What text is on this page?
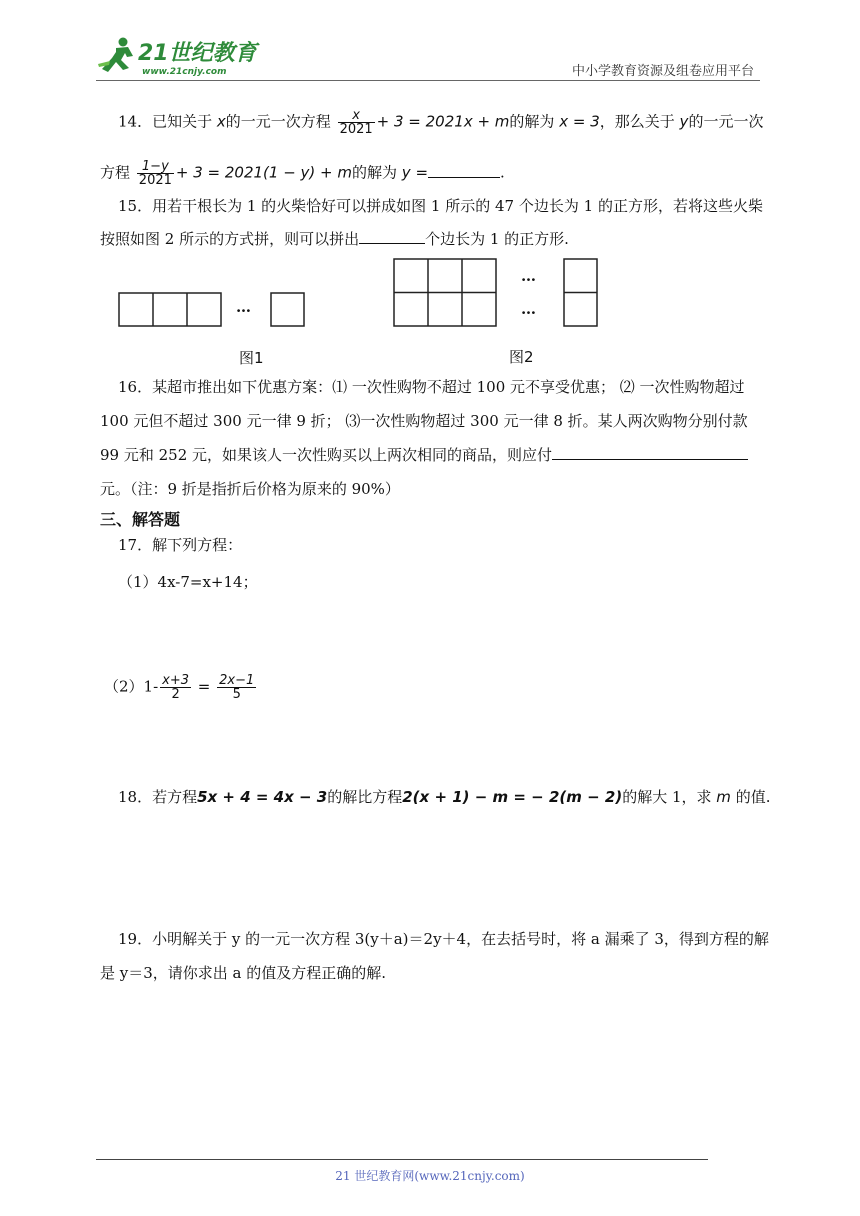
21世纪教育
www.21cnjy.com	中小学教育资源及组卷应用平台
14．已知关于 x的一元一次方程 $\frac{x}{2021} + 3 = 2021x + m$的解为 x = 3，那么关于 y的一元一次
方程 $\frac{1-y}{2021} + 3 = 2021(1 - y) + m$的解为 y =	.
15．用若干根长为 1 的火柴恰好可以拼成如图 1 所示的 47 个边长为 1 的正方形，若将这些火柴
按照如图 2 所示的方式拼，则可以拼出	个边长为 1 的正方形.
…
图1
…
…
图2
16．某超市推出如下优惠方案：⑴ 一次性购物不超过 100 元不享受优惠； ⑵ 一次性购物超过
100 元但不超过 300 元一律 9 折； ⑶一次性购物超过 300 元一律 8 折。某人两次购物分别付款
99 元和 252 元，如果该人一次性购买以上两次相同的商品，则应付
元。（注：9 折是指折后价格为原来的 90%）
三、解答题
17．解下列方程：
（1）4x-7=x+14；
$(2)1- \frac{x+3}{2} = \frac{2x-1}{5}$
18．若方程5x + 4 = 4x − 3的解比方程2(x + 1) − m = − 2(m − 2)的解大 1，求 m 的值.
19．小明解关于 y 的一元一次方程 3(y＋a)＝2y＋4，在去括号时，将 a 漏乘了 3，得到方程的解
是 y＝3，请你求出 a 的值及方程正确的解.
21 世纪教育网(www.21cnjy.com)
